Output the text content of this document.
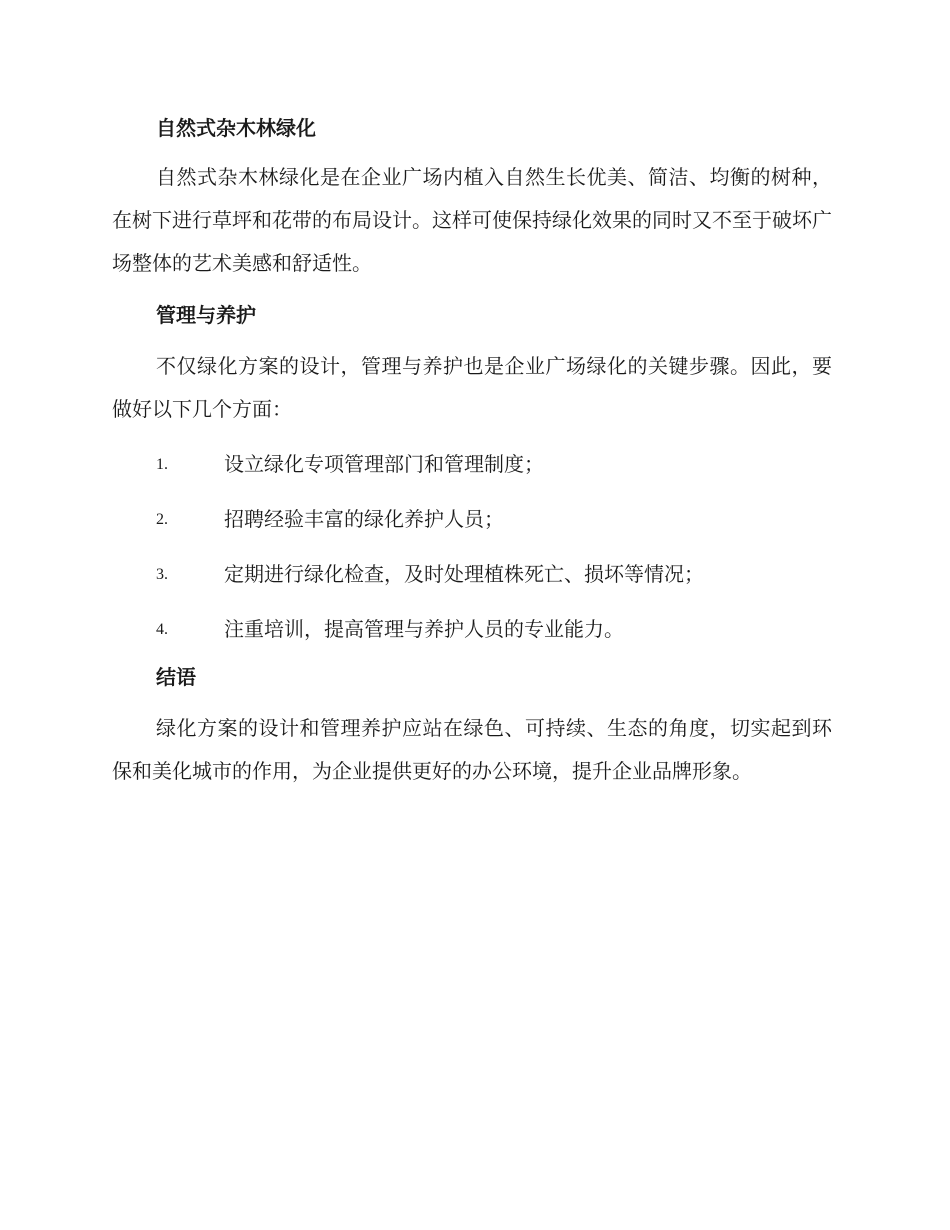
自然式杂木林绿化

自然式杂木林绿化是在企业广场内植入自然生长优美、简洁、均衡的树种，在树下进行草坪和花带的布局设计。这样可使保持绿化效果的同时又不至于破坏广场整体的艺术美感和舒适性。

管理与养护

不仅绿化方案的设计，管理与养护也是企业广场绿化的关键步骤。因此，要做好以下几个方面：

1.	设立绿化专项管理部门和管理制度；
2.	招聘经验丰富的绿化养护人员；
3.	定期进行绿化检查，及时处理植株死亡、损坏等情况；
4.	注重培训，提高管理与养护人员的专业能力。
结语

绿化方案的设计和管理养护应站在绿色、可持续、生态的角度，切实起到环保和美化城市的作用，为企业提供更好的办公环境，提升企业品牌形象。
